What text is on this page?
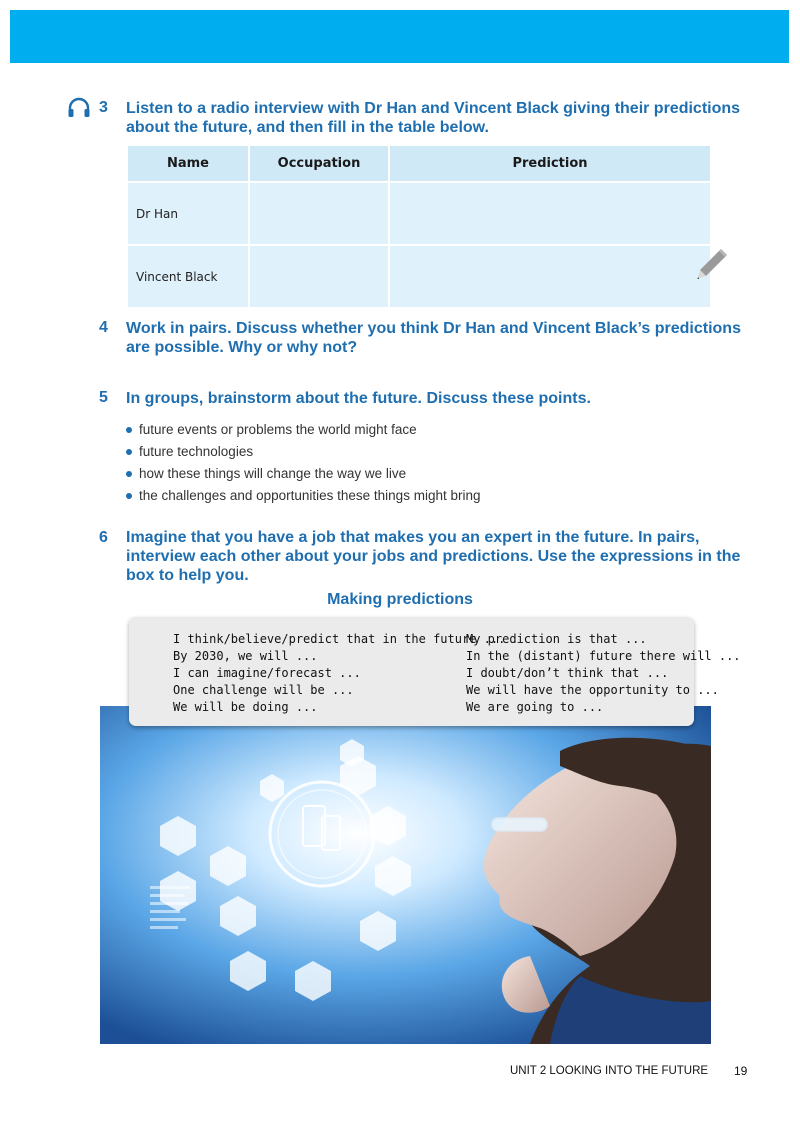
3 Listen to a radio interview with Dr Han and Vincent Black giving their predictions
about the future, and then fill in the table below.
Name	Occupation	Prediction
Dr Han		
Vincent Black		
4 Work in pairs. Discuss whether you think Dr Han and Vincent Black’s predictions
are possible. Why or why not?
5 In groups, brainstorm about the future. Discuss these points.
future events or problems the world might face
future technologies
how these things will change the way we live
the challenges and opportunities these things might bring
6 Imagine that you have a job that makes you an expert in the future. In pairs,
interview each other about your jobs and predictions. Use the expressions in the
box to help you.
Making predictions
I think/believe/predict that in the future ...
By 2030, we will ...
I can imagine/forecast ...
One challenge will be ...
We will be doing ...
My prediction is that ...
In the (distant) future there will ...
I doubt/don’t think that ...
We will have the opportunity to ...
We are going to ...
UNIT 2 LOOKING INTO THE FUTURE 19
